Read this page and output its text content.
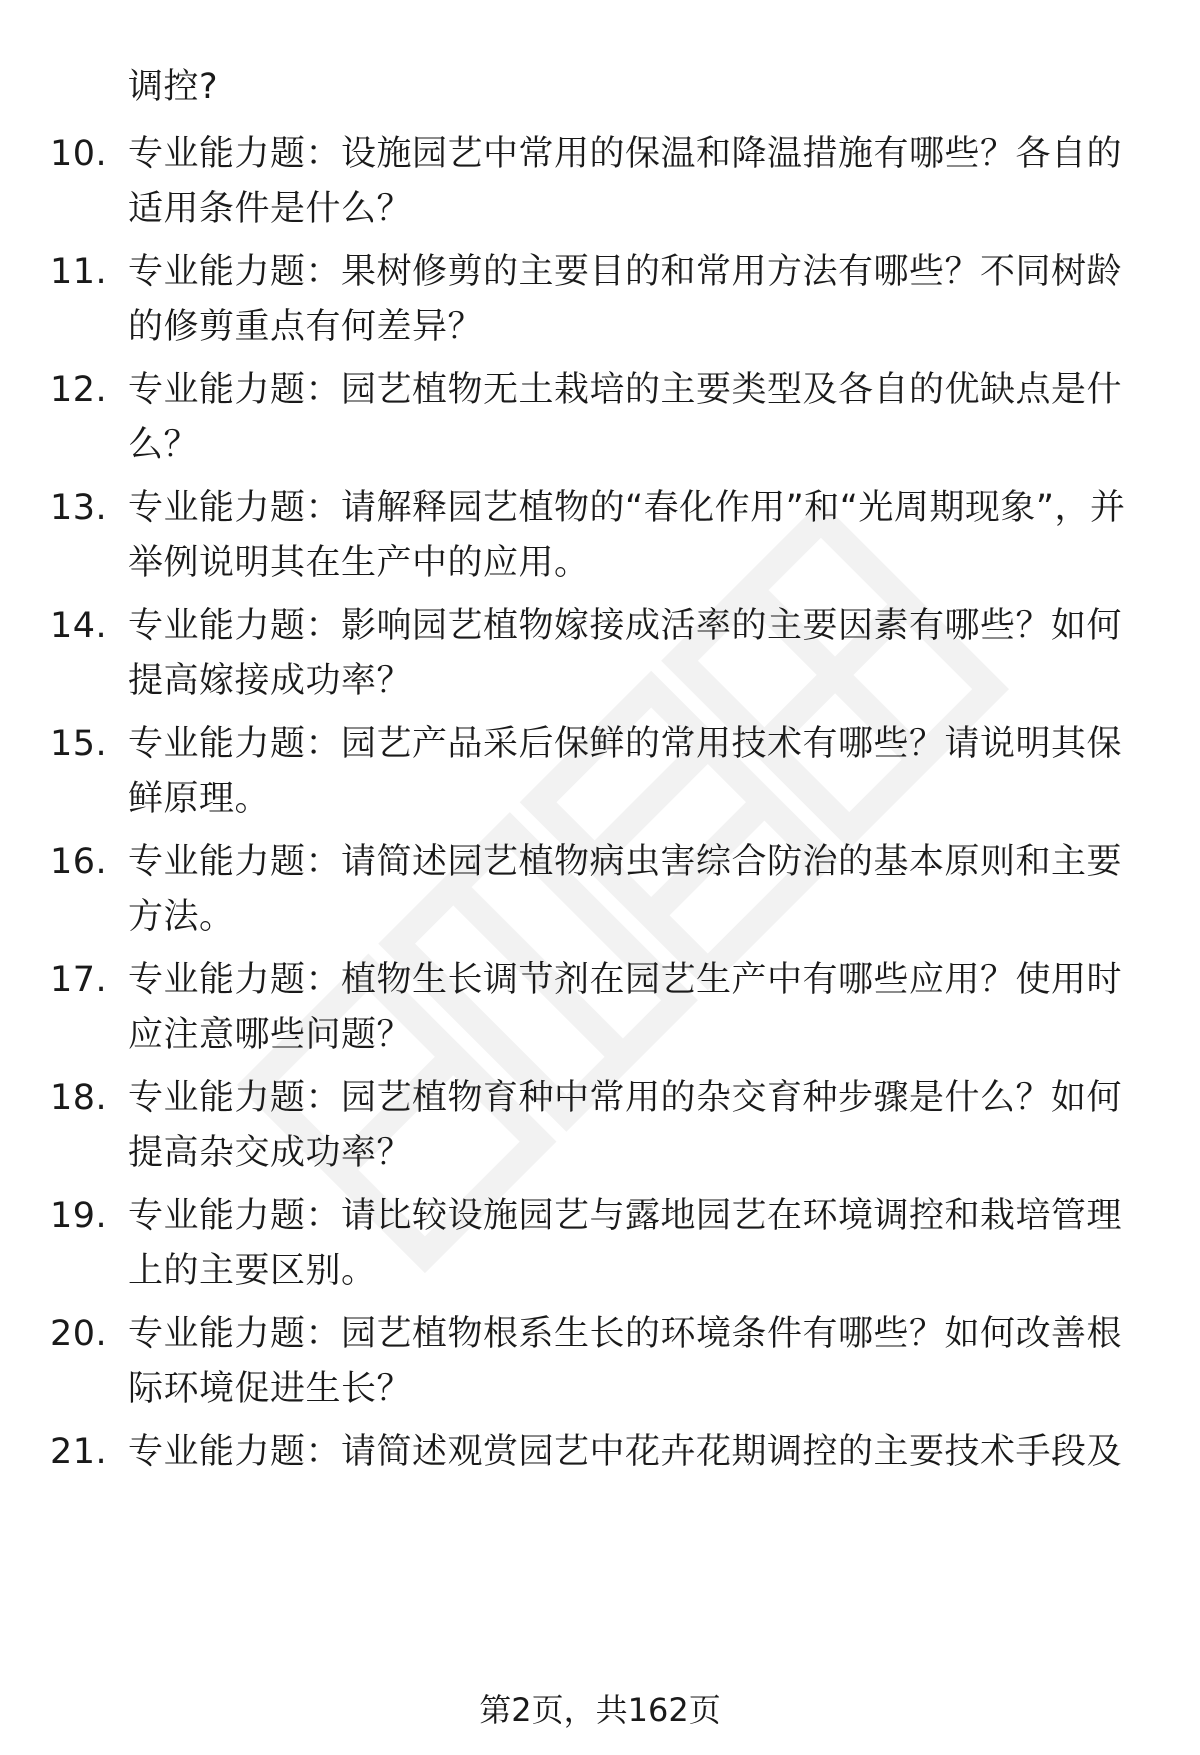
调控?
10. 专业能力题：设施园艺中常用的保温和降温措施有哪些？各自的适用条件是什么？
11. 专业能力题：果树修剪的主要目的和常用方法有哪些？不同树龄的修剪重点有何差异？
12. 专业能力题：园艺植物无土栽培的主要类型及各自的优缺点是什么？
13. 专业能力题：请解释园艺植物的“春化作用”和“光周期现象”，并举例说明其在生产中的应用。
14. 专业能力题：影响园艺植物嫁接成活率的主要因素有哪些？如何提高嫁接成功率？
15. 专业能力题：园艺产品采后保鲜的常用技术有哪些？请说明其保鲜原理。
16. 专业能力题：请简述园艺植物病虫害综合防治的基本原则和主要方法。
17. 专业能力题：植物生长调节剂在园艺生产中有哪些应用？使用时应注意哪些问题？
18. 专业能力题：园艺植物育种中常用的杂交育种步骤是什么？如何提高杂交成功率？
19. 专业能力题：请比较设施园艺与露地园艺在环境调控和栽培管理上的主要区别。
20. 专业能力题：园艺植物根系生长的环境条件有哪些？如何改善根际环境促进生长？
21. 专业能力题：请简述观赏园艺中花卉花期调控的主要技术手段及
第2页，共162页
